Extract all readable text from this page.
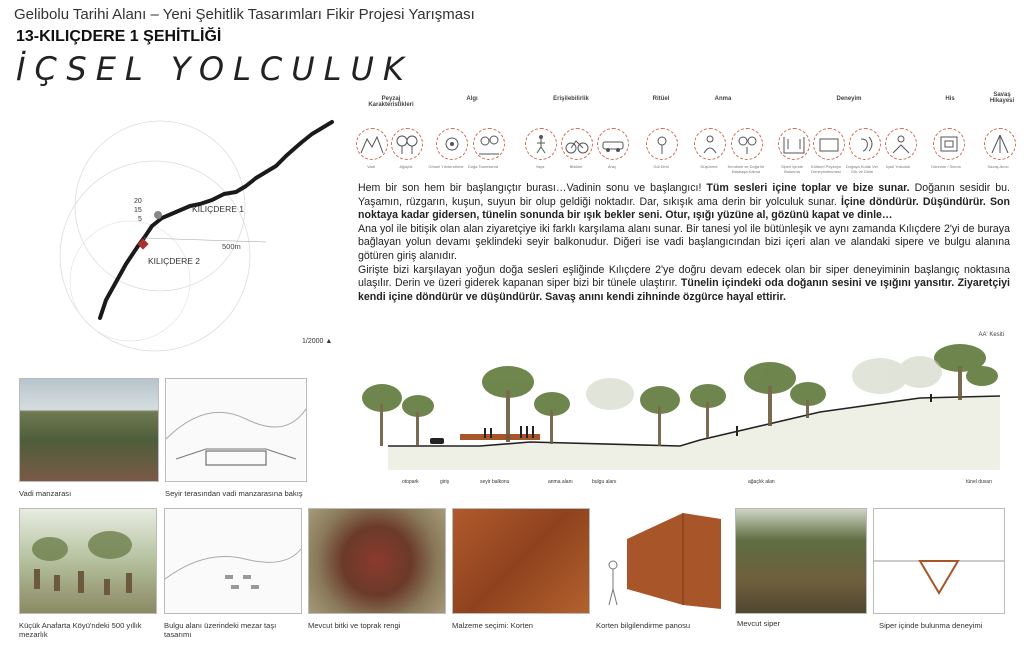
Gelibolu Tarihi Alanı – Yeni Şehitlik Tasarımları Fikir Projesi Yarışması
13-KILIÇDERE 1 ŞEHİTLİĞİ
İÇSEL YOLCULUK
20
15
5
KILIÇDERE 1
KILIÇDERE 2
500m
1/2000 ▲
Peyzaj Karakteristikleri
Algı	Erişilebilirlik	Ritüel	Anma	Deneyim	His
Savaş Hikayesi
Vadi	Ağaçlık	Görsel Yönlendirme	Doğa Tanımlama	Yaya	Bisiklet	Araç	Gül Dimi	Düşünme	Kendinle ve Doğa ile Başbaşa Kalma
Siperi İçinde Bulunma
Kültürel Peyzajın Deneyimlenmesi
Doğaya Kulak Ver Gör ve Dinle
İçsel Yolculuk	Dönüme / Sıkıntı	Savaş Anısı
Hem bir son hem bir başlangıçtır burası…Vadinin sonu ve başlangıcı! Tüm sesleri içine toplar ve bize sunar. Doğanın sesidir bu. Yaşamın, rüzgarın, kuşun, suyun bir olup geldiği noktadır. Dar, sıkışık ama derin bir yolculuk sunar. İçine döndürür. Düşündürür. Son noktaya kadar gidersen, tünelin sonunda bir ışık bekler seni. Otur, ışığı yüzüne al, gözünü kapat ve dinle…
Ana yol ile bitişik olan alan ziyaretçiye iki farklı karşılama alanı sunar. Bir tanesi yol ile bütünleşik ve aynı zamanda Kılıçdere 2'yi de buraya bağlayan yolun devamı şeklindeki seyir balkonudur. Diğeri ise vadi başlangıcından bizi içeri alan ve alandaki sipere ve bulgu alanına götüren giriş alanıdır.
Girişte bizi karşılayan yoğun doğa sesleri eşliğinde Kılıçdere 2'ye doğru devam edecek olan bir siper deneyiminin başlangıç noktasına ulaşılır. Derin ve üzeri giderek kapanan siper bizi bir tünele ulaştırır. Tünelin içindeki oda doğanın sesini ve ışığını yansıtır. Ziyaretçiyi kendi içine döndürür ve düşündürür. Savaş anını kendi zihninde özgürce hayal ettirir.
AA' Kesiti
otopark	giriş	seyir balkonu	anma alanı	bulgu alanı	ağaçlık alan	tünel duvarı
Vadi manzarası	Seyir terasından vadi manzarasına bakış
Küçük Anafarta Köyü'ndeki 500 yıllık mezarlık
Bulgu alanı üzerindeki mezar taşı tasarımı
Mevcut bitki ve toprak rengi	Malzeme seçimi: Korten	Korten bilgilendirme panosu	Mevcut siper	Siper içinde bulunma deneyimi
